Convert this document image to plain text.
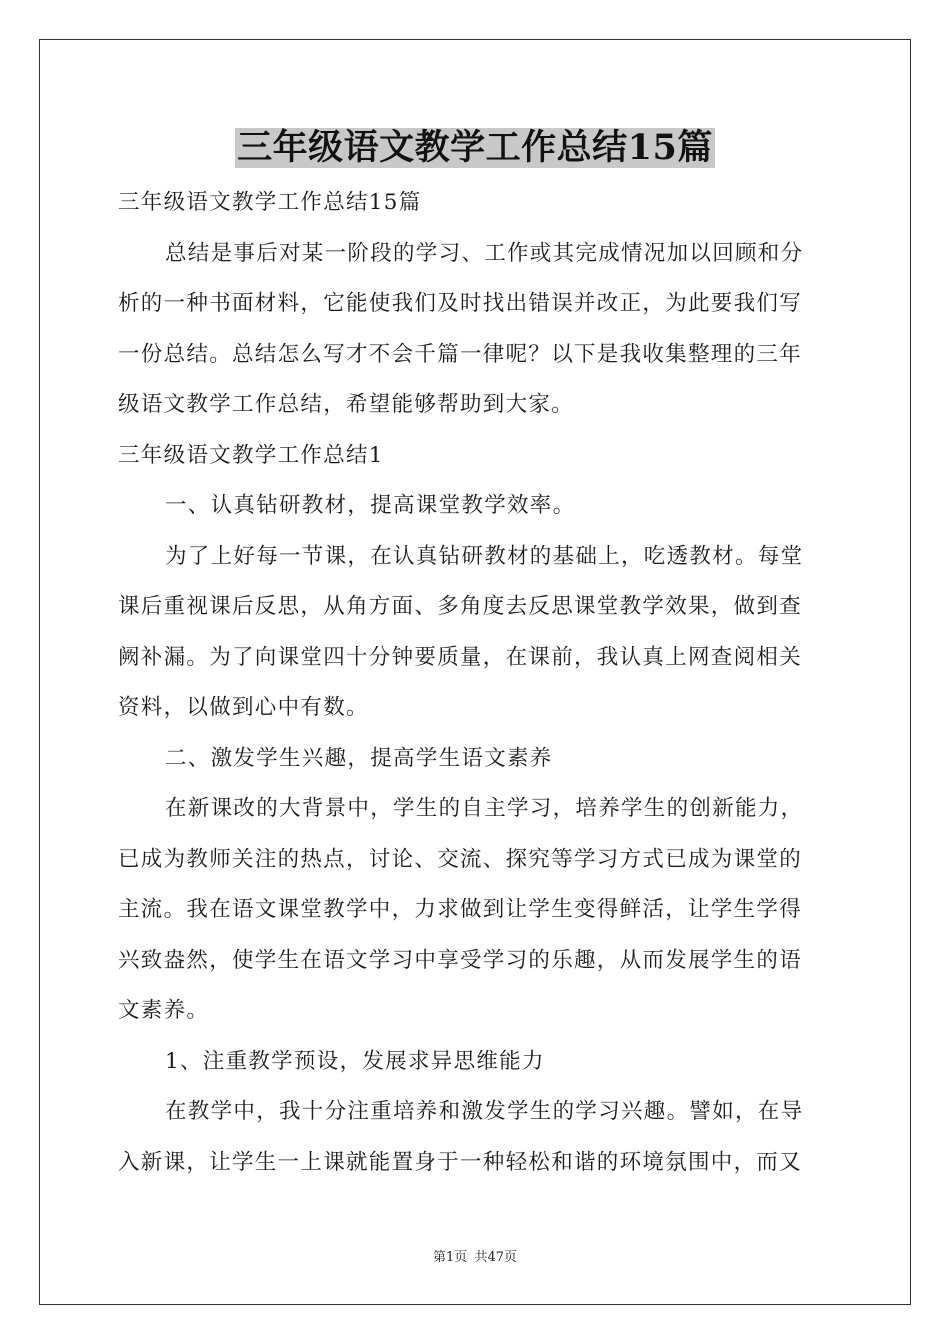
三年级语文教学工作总结15篇
三年级语文教学工作总结15篇
总结是事后对某一阶段的学习、工作或其完成情况加以回顾和分
析的一种书面材料，它能使我们及时找出错误并改正，为此要我们写
一份总结。总结怎么写才不会千篇一律呢？以下是我收集整理的三年
级语文教学工作总结，希望能够帮助到大家。
三年级语文教学工作总结1
一、认真钻研教材，提高课堂教学效率。
为了上好每一节课，在认真钻研教材的基础上，吃透教材。每堂
课后重视课后反思，从角方面、多角度去反思课堂教学效果，做到查
阙补漏。为了向课堂四十分钟要质量，在课前，我认真上网查阅相关
资料，以做到心中有数。
二、激发学生兴趣，提高学生语文素养
在新课改的大背景中，学生的自主学习，培养学生的创新能力，
已成为教师关注的热点，讨论、交流、探究等学习方式已成为课堂的
主流。我在语文课堂教学中，力求做到让学生变得鲜活，让学生学得
兴致盎然，使学生在语文学习中享受学习的乐趣，从而发展学生的语
文素养。
1、注重教学预设，发展求异思维能力
在教学中，我十分注重培养和激发学生的学习兴趣。譬如，在导
入新课，让学生一上课就能置身于一种轻松和谐的环境氛围中，而又
第1页 共47页
